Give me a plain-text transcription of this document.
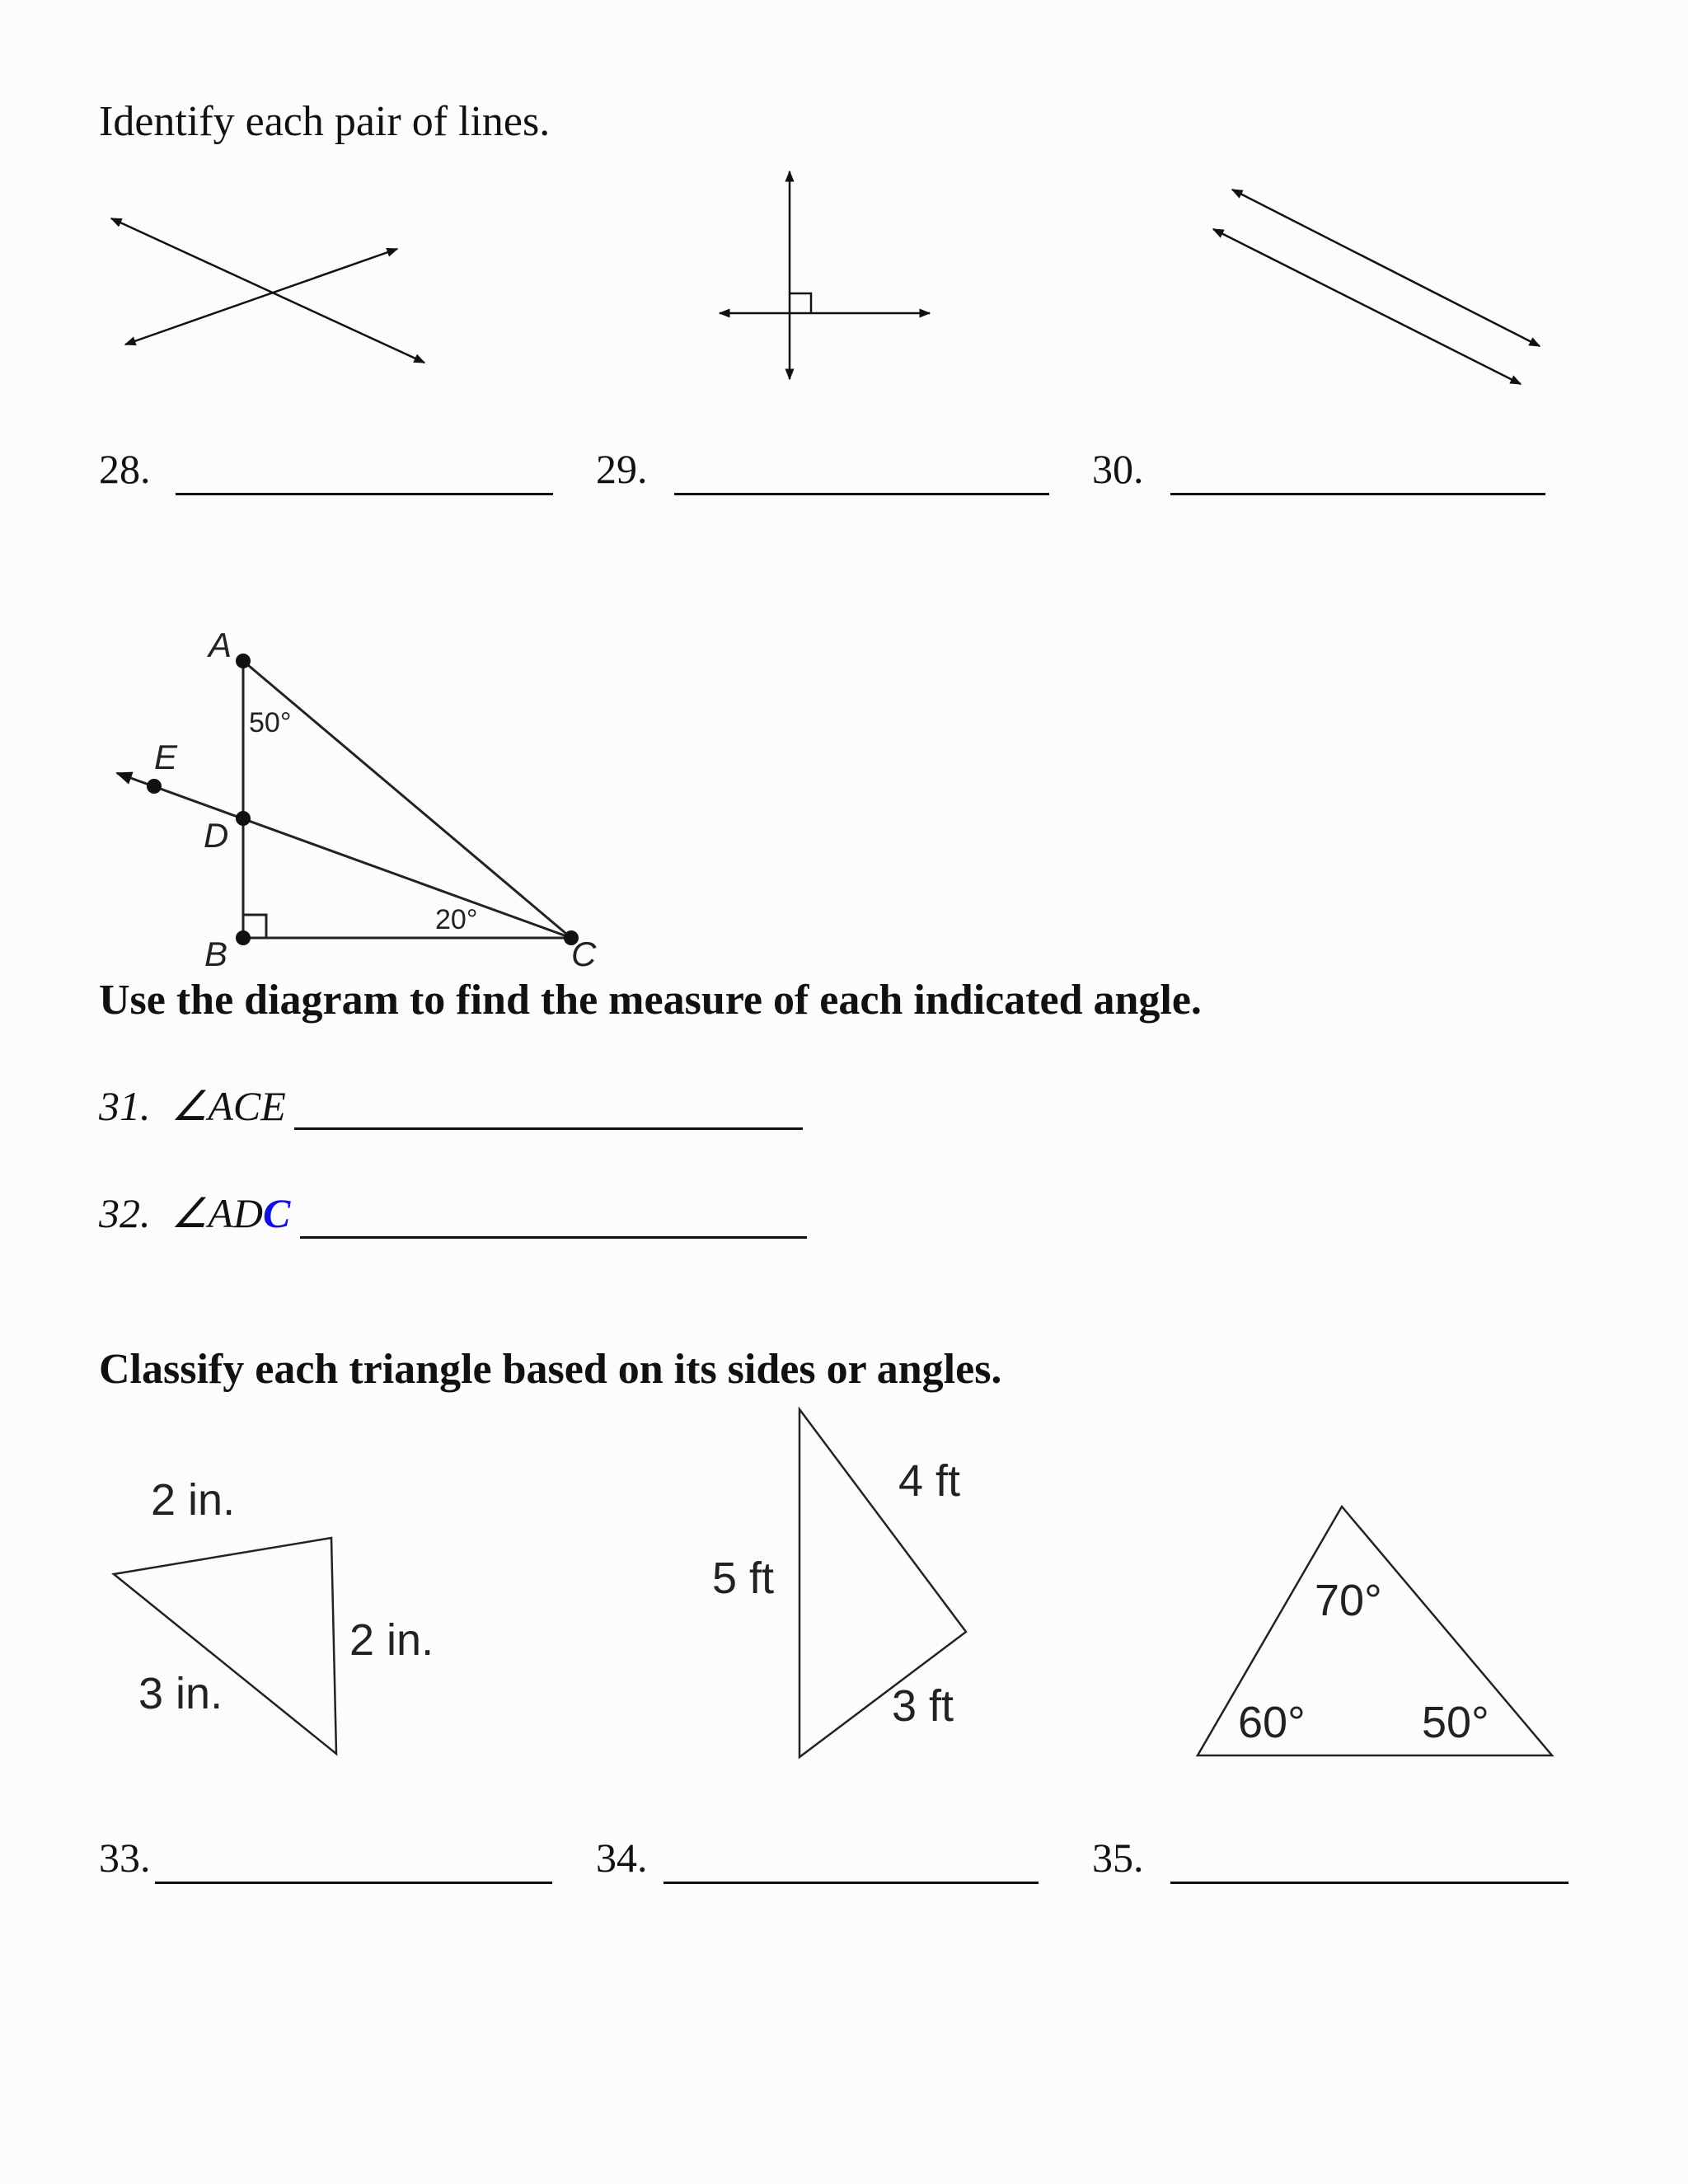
Identify each pair of lines.
28.	29.	30.
A
B	C
D
E
50°
20°
Use the diagram to find the measure of each indicated angle.
31. ∠ACE
32. ∠ADC
Classify each triangle based on its sides or angles.
2 in.
2 in.
3 in.
4 ft
5 ft
3 ft
70°
60°	50°
33.	34.	35.
